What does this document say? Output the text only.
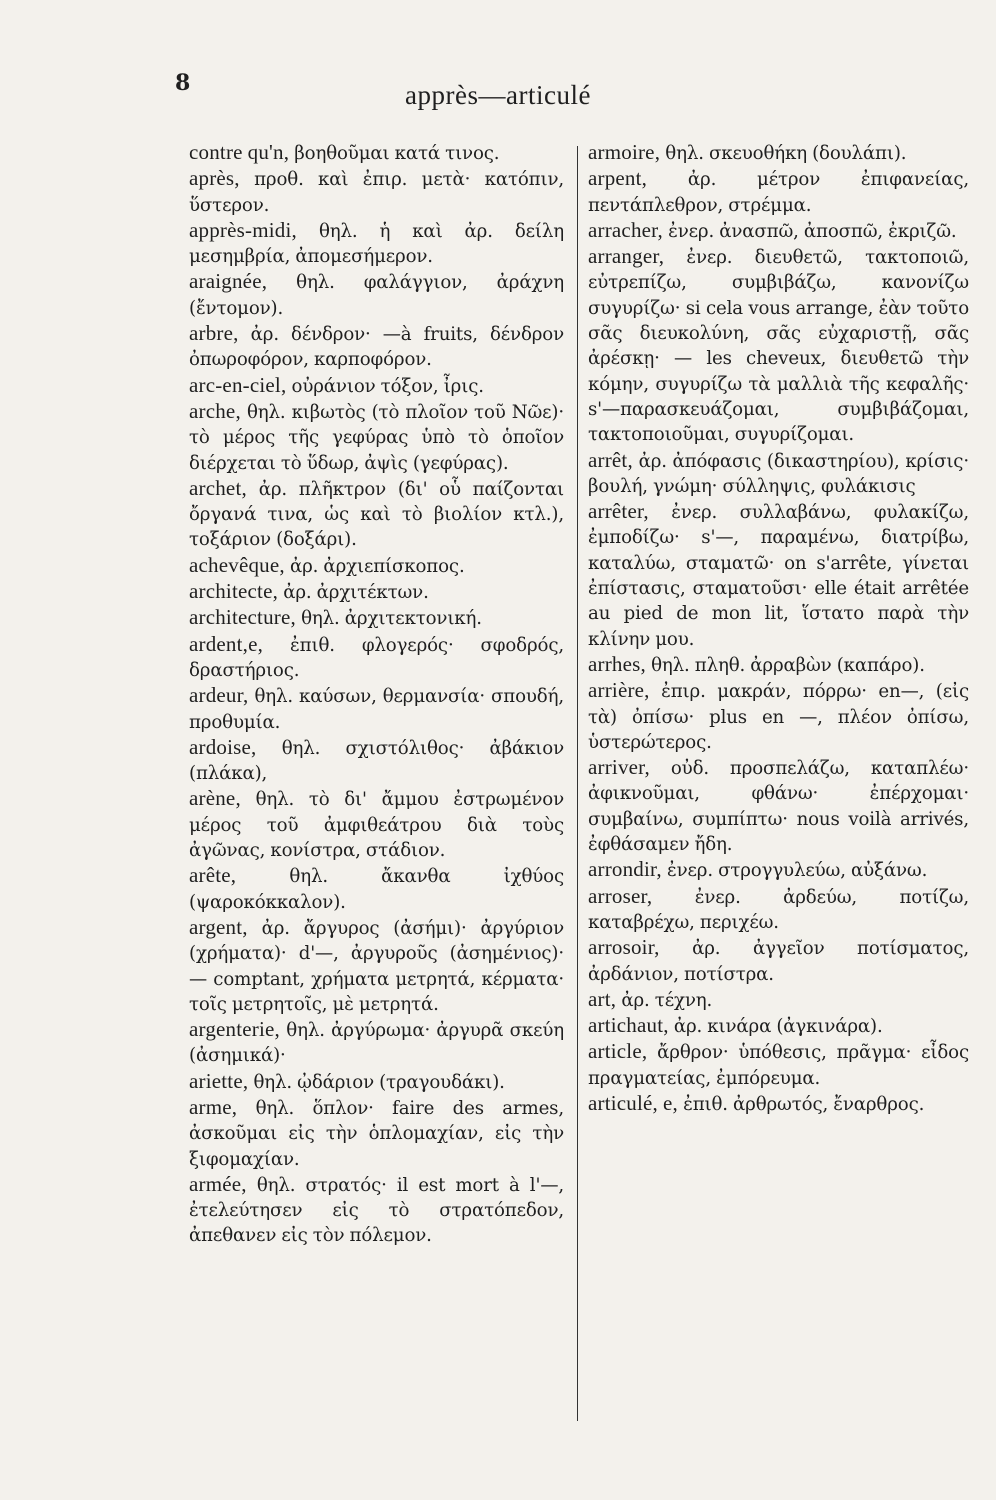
8	apprès—articulé

contre qu'n, βοηθοῦμαι κατά τινος.

après, προθ. καὶ ἐπιρ. μετὰ· κατόπιν, ὕστερον.

apprès-midi, θηλ. ἡ καὶ ἀρ. δείλη μεσημβρία, ἀπομεσήμερον.

araignée, θηλ. φαλάγγιον, ἀράχνη (ἔντομον).

arbre, ἀρ. δένδρον· —à fruits, δένδρον ὀπωροφόρον, καρποφόρον.

arc-en-ciel, οὐράνιον τόξον, ἶρις.

arche, θηλ. κιβωτὸς (τὸ πλοῖον τοῦ Νῶε)· τὸ μέρος τῆς γεφύρας ὑπὸ τὸ ὁποῖον διέρχεται τὸ ὕδωρ, ἀψὶς (γεφύρας).

archet, ἀρ. πλῆκτρον (δι' οὗ παίζονται ὄργανά τινα, ὡς καὶ τὸ βιολίον κτλ.), τοξάριον (δοξάρι).

achevêque, ἀρ. ἀρχιεπίσκοπος.

architecte, ἀρ. ἀρχιτέκτων.

architecture, θηλ. ἀρχιτεκτονική.

ardent,e, ἐπιθ. φλογερός· σφοδρός, δραστήριος.

ardeur, θηλ. καύσων, θερμανσία· σπουδή, προθυμία.

ardoise, θηλ. σχιστόλιθος· ἀβάκιον (πλάκα),

arène, θηλ. τὸ δι' ἄμμου ἐστρωμένον μέρος τοῦ ἀμφιθεάτρου διὰ τοὺς ἀγῶνας, κονίστρα, στάδιον.

arête,	θηλ. ἄκανθα ἰχθύος (ψαροκόκκαλον).

argent, ἀρ. ἄργυρος (ἀσήμι)· ἀργύριον (χρήματα)· d'—, ἀργυροῦς (ἀσημένιος)· — comptant, χρήματα μετρητά, κέρματα· τοῖς μετρητοῖς, μὲ μετρητά.

argenterie, θηλ. ἀργύρωμα· ἀργυρᾶ σκεύη (ἀσημικά)·

ariette, θηλ. ᾠδάριον (τραγουδάκι).

arme, θηλ. ὅπλον· faire des armes, ἀσκοῦμαι εἰς τὴν ὁπλομαχίαν, εἰς τὴν ξιφομαχίαν.

armée, θηλ. στρατός· il est mort à l'—, ἐτελεύτησεν εἰς τὸ στρατόπεδον, ἀπεθανεν εἰς τὸν πόλεμον.

armoire, θηλ. σκευοθήκη (δουλάπι).

arpent, ἀρ. μέτρον ἐπιφανείας, πεντάπλεθρον, στρέμμα.

arracher, ἐνερ. ἀνασπῶ, ἀποσπῶ, ἐκριζῶ.

arranger, ἐνερ. διευθετῶ, τακτοποιῶ, εὐτρεπίζω, συμβιβάζω, κανονίζω συγυρίζω· si cela vous arrange, ἐὰν τοῦτο σᾶς διευκολύνη, σᾶς εὐχαριστῇ, σᾶς ἀρέσκῃ· — les cheveux, διευθετῶ τὴν κόμην, συγυρίζω τὰ μαλλιὰ τῆς κεφαλῆς· s'—παρασκευάζομαι, συμβιβάζομαι, τακτοποιοῦμαι, συγυρίζομαι.

arrêt, ἀρ. ἀπόφασις (δικαστηρίου), κρίσις· βουλή, γνώμη· σύλληψις, φυλάκισις

arrêter, ἐνερ. συλλαβάνω, φυλακίζω, ἐμποδίζω· s'—, παραμένω, διατρίβω, καταλύω, σταματῶ· on s'arrête, γίνεται ἐπίστασις, σταματοῦσι· elle était arrêtée au pied de mon lit, ἵστατο παρὰ τὴν κλίνην μου.

arrhes, θηλ. πληθ. ἀρραβὼν (καπάρο).

arrière, ἐπιρ. μακράν, πόρρω· en—, (εἰς τὰ) ὀπίσω· plus en —, πλέον ὀπίσω, ὑστερώτερος.

arriver, οὐδ. προσπελάζω, καταπλέω· ἀφικνοῦμαι, φθάνω· ἐπέρχομαι· συμβαίνω, συμπίπτω· nous voilà arrivés, ἐφθάσαμεν ἤδη.

arrondir, ἐνερ. στρογγυλεύω, αὐξάνω.

arroser, ἐνερ. ἀρδεύω, ποτίζω, καταβρέχω, περιχέω.

arrosoir, ἀρ. ἀγγεῖον ποτίσματος, ἀρδάνιον, ποτίστρα.

art, ἀρ. τέχνη.

artichaut, ἀρ. κινάρα (ἀγκινάρα).

article, ἄρθρον· ὑπόθεσις, πρᾶγμα· εἶδος πραγματείας, ἐμπόρευμα.

articulé, e, ἐπιθ. ἀρθρωτός, ἔναρθρος.
